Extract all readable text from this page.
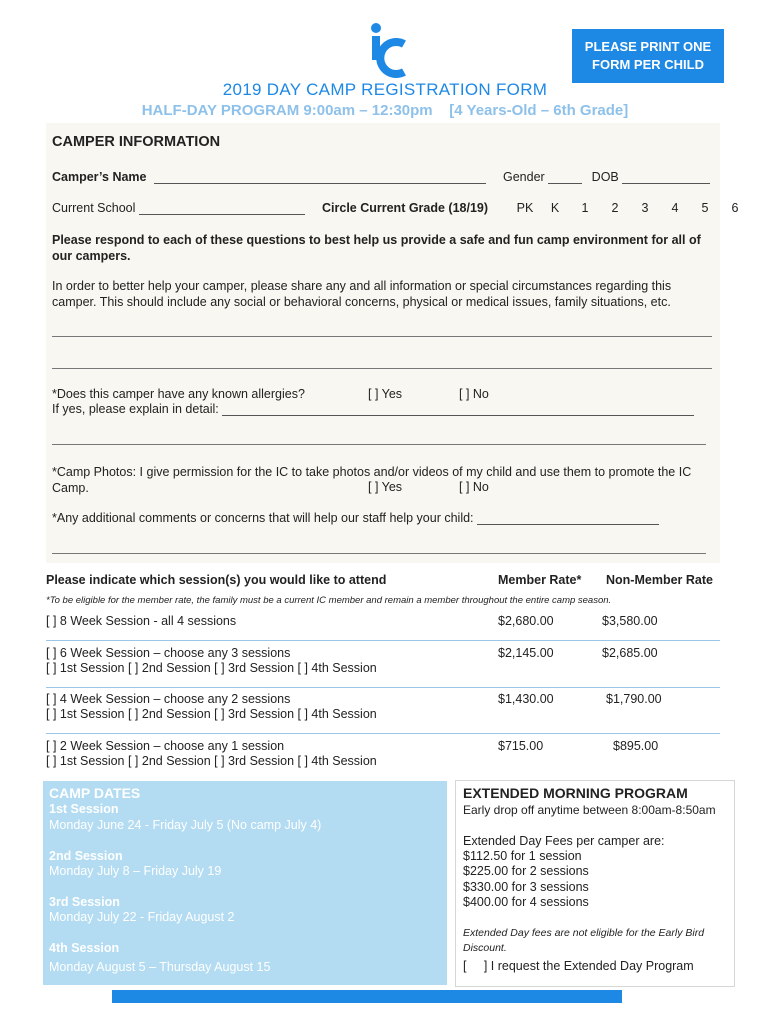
PLEASE PRINT ONE
FORM PER CHILD
2019 DAY CAMP REGISTRATION FORM
HALF-DAY PROGRAM 9:00am – 12:30pm    [4 Years-Old – 6th Grade]
CAMPER INFORMATION
Camper’s Name	Gender	DOB
Current School	Circle Current Grade (18/19)	PK K 1 2 3 4 5 6
Please respond to each of these questions to best help us provide a safe and fun camp environment for all of our campers.
In order to better help your camper, please share any and all information or special circumstances regarding this camper. This should include any social or behavioral concerns, physical or medical issues, family situations, etc.
*Does this camper have any known allergies?	[ ] Yes	[ ] No
If yes, please explain in detail:
*Camp Photos: I give permission for the IC to take photos and/or videos of my child and use them to promote the IC Camp.	[ ] Yes	[ ] No
*Any additional comments or concerns that will help our staff help your child:
Please indicate which session(s) you would like to attend	Member Rate* Non-Member Rate
*To be eligible for the member rate, the family must be a current IC member and remain a member throughout the entire camp season.
[ ] 8 Week Session - all 4 sessions	$2,680.00	$3,580.00
[ ] 6 Week Session – choose any 3 sessions
[ ] 1st Session [ ] 2nd Session [ ] 3rd Session [ ] 4th Session
$2,145.00	$2,685.00
[ ] 4 Week Session – choose any 2 sessions
[ ] 1st Session [ ] 2nd Session [ ] 3rd Session [ ] 4th Session
$1,430.00	$1,790.00
[ ] 2 Week Session – choose any 1 session
[ ] 1st Session [ ] 2nd Session [ ] 3rd Session [ ] 4th Session
$715.00	$895.00
CAMP DATES
1st Session
Monday June 24 - Friday July 5 (No camp July 4)
2nd Session
Monday July 8 – Friday July 19
3rd Session
Monday July 22 - Friday August 2
4th Session
Monday August 5 – Thursday August 15
EXTENDED MORNING PROGRAM
Early drop off anytime between 8:00am-8:50am
Extended Day Fees per camper are:
$112.50 for 1 session
$225.00 for 2 sessions
$330.00 for 3 sessions
$400.00 for 4 sessions
Extended Day fees are not eligible for the Early Bird Discount.
[     ] I request the Extended Day Program
